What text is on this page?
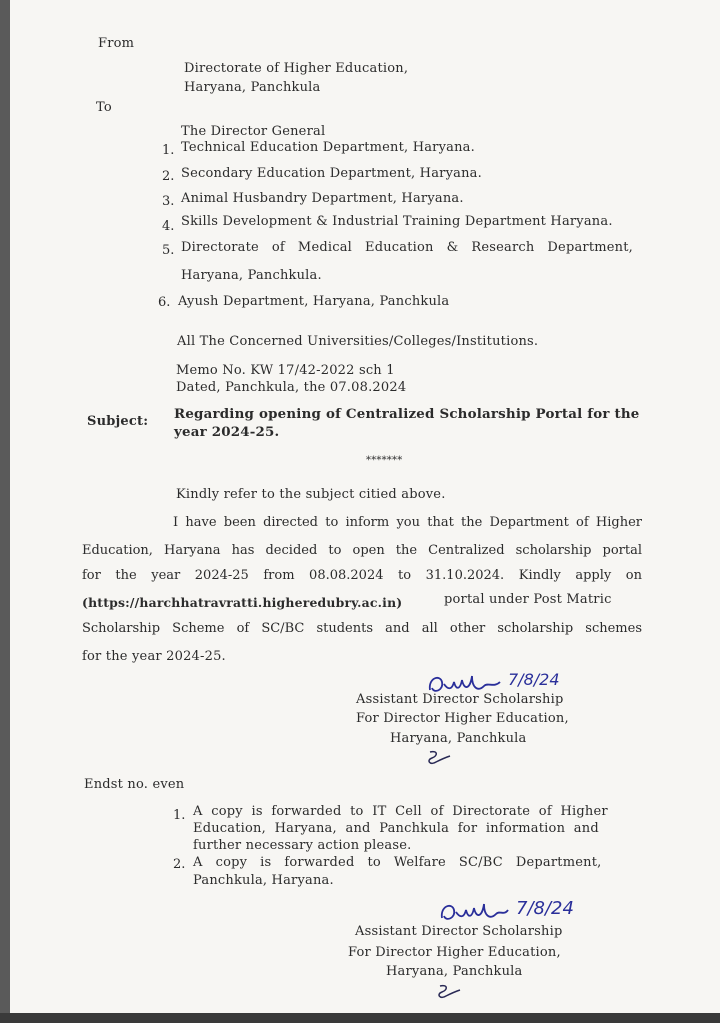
From
Directorate of Higher Education,
Haryana, Panchkula
To
The Director General
1. Technical Education Department, Haryana.
2. Secondary Education Department, Haryana.
3. Animal Husbandry Department, Haryana.
4. Skills Development & Industrial Training Department Haryana.
5. Directorate   of   Medical   Education   &   Research   Department,
Haryana, Panchkula.
6. Ayush Department, Haryana, Panchkula
All The Concerned Universities/Colleges/Institutions.
Memo No. KW 17/42-2022 sch 1
Dated, Panchkula, the 07.08.2024
Subject: Regarding opening of Centralized Scholarship Portal for the
year 2024-25.
*******
Kindly refer to the subject citied above.
I have been directed to inform you that the Department of Higher
Education, Haryana has decided to open the Centralized scholarship portal
for the year 2024-25 from 08.08.2024 to 31.10.2024. Kindly apply on
(https://harchhatravratti.higheredubry.ac.in)	portal under Post Matric
Scholarship Scheme of SC/BC students and all other scholarship schemes
for the year 2024-25.
7/8/24
Assistant Director Scholarship
For Director Higher Education,
Haryana, Panchkula
Endst no. even
1. A  copy  is  forwarded  to  IT  Cell  of  Directorate  of  Higher
Education,  Haryana,  and  Panchkula  for  information  and
further necessary action please.
2. A   copy   is   forwarded   to   Welfare   SC/BC   Department,
Panchkula, Haryana.
7/8/24
Assistant Director Scholarship
For Director Higher Education,
Haryana, Panchkula
